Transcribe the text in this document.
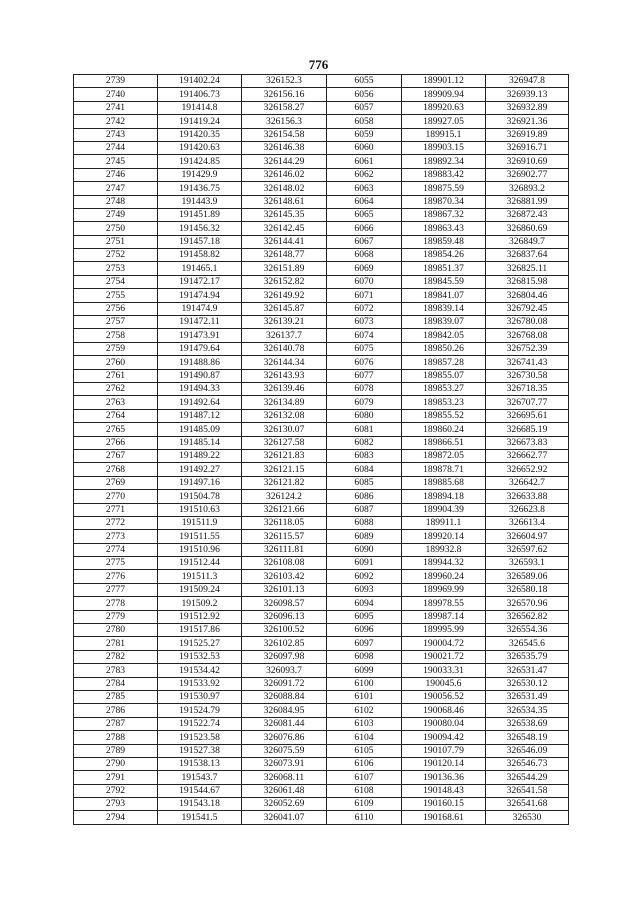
776
2739	191402.24	326152.3	6055	189901.12	326947.8
2740	191406.73	326156.16	6056	189909.94	326939.13
2741	191414.8	326158.27	6057	189920.63	326932.89
2742	191419.24	326156.3	6058	189927.05	326921.36
2743	191420.35	326154.58	6059	189915.1	326919.89
2744	191420.63	326146.38	6060	189903.15	326916.71
2745	191424.85	326144.29	6061	189892.34	326910.69
2746	191429.9	326146.02	6062	189883.42	326902.77
2747	191436.75	326148.02	6063	189875.59	326893.2
2748	191443.9	326148.61	6064	189870.34	326881.99
2749	191451.89	326145.35	6065	189867.32	326872.43
2750	191456.32	326142.45	6066	189863.43	326860.69
2751	191457.18	326144.41	6067	189859.48	326849.7
2752	191458.82	326148.77	6068	189854.26	326837.64
2753	191465.1	326151.89	6069	189851.37	326825.11
2754	191472.17	326152.82	6070	189845.59	326815.98
2755	191474.94	326149.92	6071	189841.07	326804.46
2756	191474.9	326145.87	6072	189839.14	326792.45
2757	191472.11	326139.21	6073	189839.07	326780.08
2758	191473.91	326137.7	6074	189842.05	326768.08
2759	191479.64	326140.78	6075	189850.26	326752.39
2760	191488.86	326144.34	6076	189857.28	326741.43
2761	191490.87	326143.93	6077	189855.07	326730.58
2762	191494.33	326139.46	6078	189853.27	326718.35
2763	191492.64	326134.89	6079	189853.23	326707.77
2764	191487.12	326132.08	6080	189855.52	326695.61
2765	191485.09	326130.07	6081	189860.24	326685.19
2766	191485.14	326127.58	6082	189866.51	326673.83
2767	191489.22	326121.83	6083	189872.05	326662.77
2768	191492.27	326121.15	6084	189878.71	326652.92
2769	191497.16	326121.82	6085	189885.68	326642.7
2770	191504.78	326124.2	6086	189894.18	326633.88
2771	191510.63	326121.66	6087	189904.39	326623.8
2772	191511.9	326118.05	6088	189911.1	326613.4
2773	191511.55	326115.57	6089	189920.14	326604.97
2774	191510.96	326111.81	6090	189932.8	326597.62
2775	191512.44	326108.08	6091	189944.32	326593.1
2776	191511.3	326103.42	6092	189960.24	326589.06
2777	191509.24	326101.13	6093	189969.99	326580.18
2778	191509.2	326098.57	6094	189978.55	326570.96
2779	191512.92	326096.13	6095	189987.14	326562.82
2780	191517.86	326100.52	6096	189995.99	326554.36
2781	191525.27	326102.85	6097	190004.72	326545.6
2782	191532.53	326097.98	6098	190021.72	326535.79
2783	191534.42	326093.7	6099	190033.31	326531.47
2784	191533.92	326091.72	6100	190045.6	326530.12
2785	191530.97	326088.84	6101	190056.52	326531.49
2786	191524.79	326084.95	6102	190068.46	326534.35
2787	191522.74	326081.44	6103	190080.04	326538.69
2788	191523.58	326076.86	6104	190094.42	326548.19
2789	191527.38	326075.59	6105	190107.79	326546.09
2790	191538.13	326073.91	6106	190120.14	326546.73
2791	191543.7	326068.11	6107	190136.36	326544.29
2792	191544.67	326061.48	6108	190148.43	326541.58
2793	191543.18	326052.69	6109	190160.15	326541.68
2794	191541.5	326041.07	6110	190168.61	326530
